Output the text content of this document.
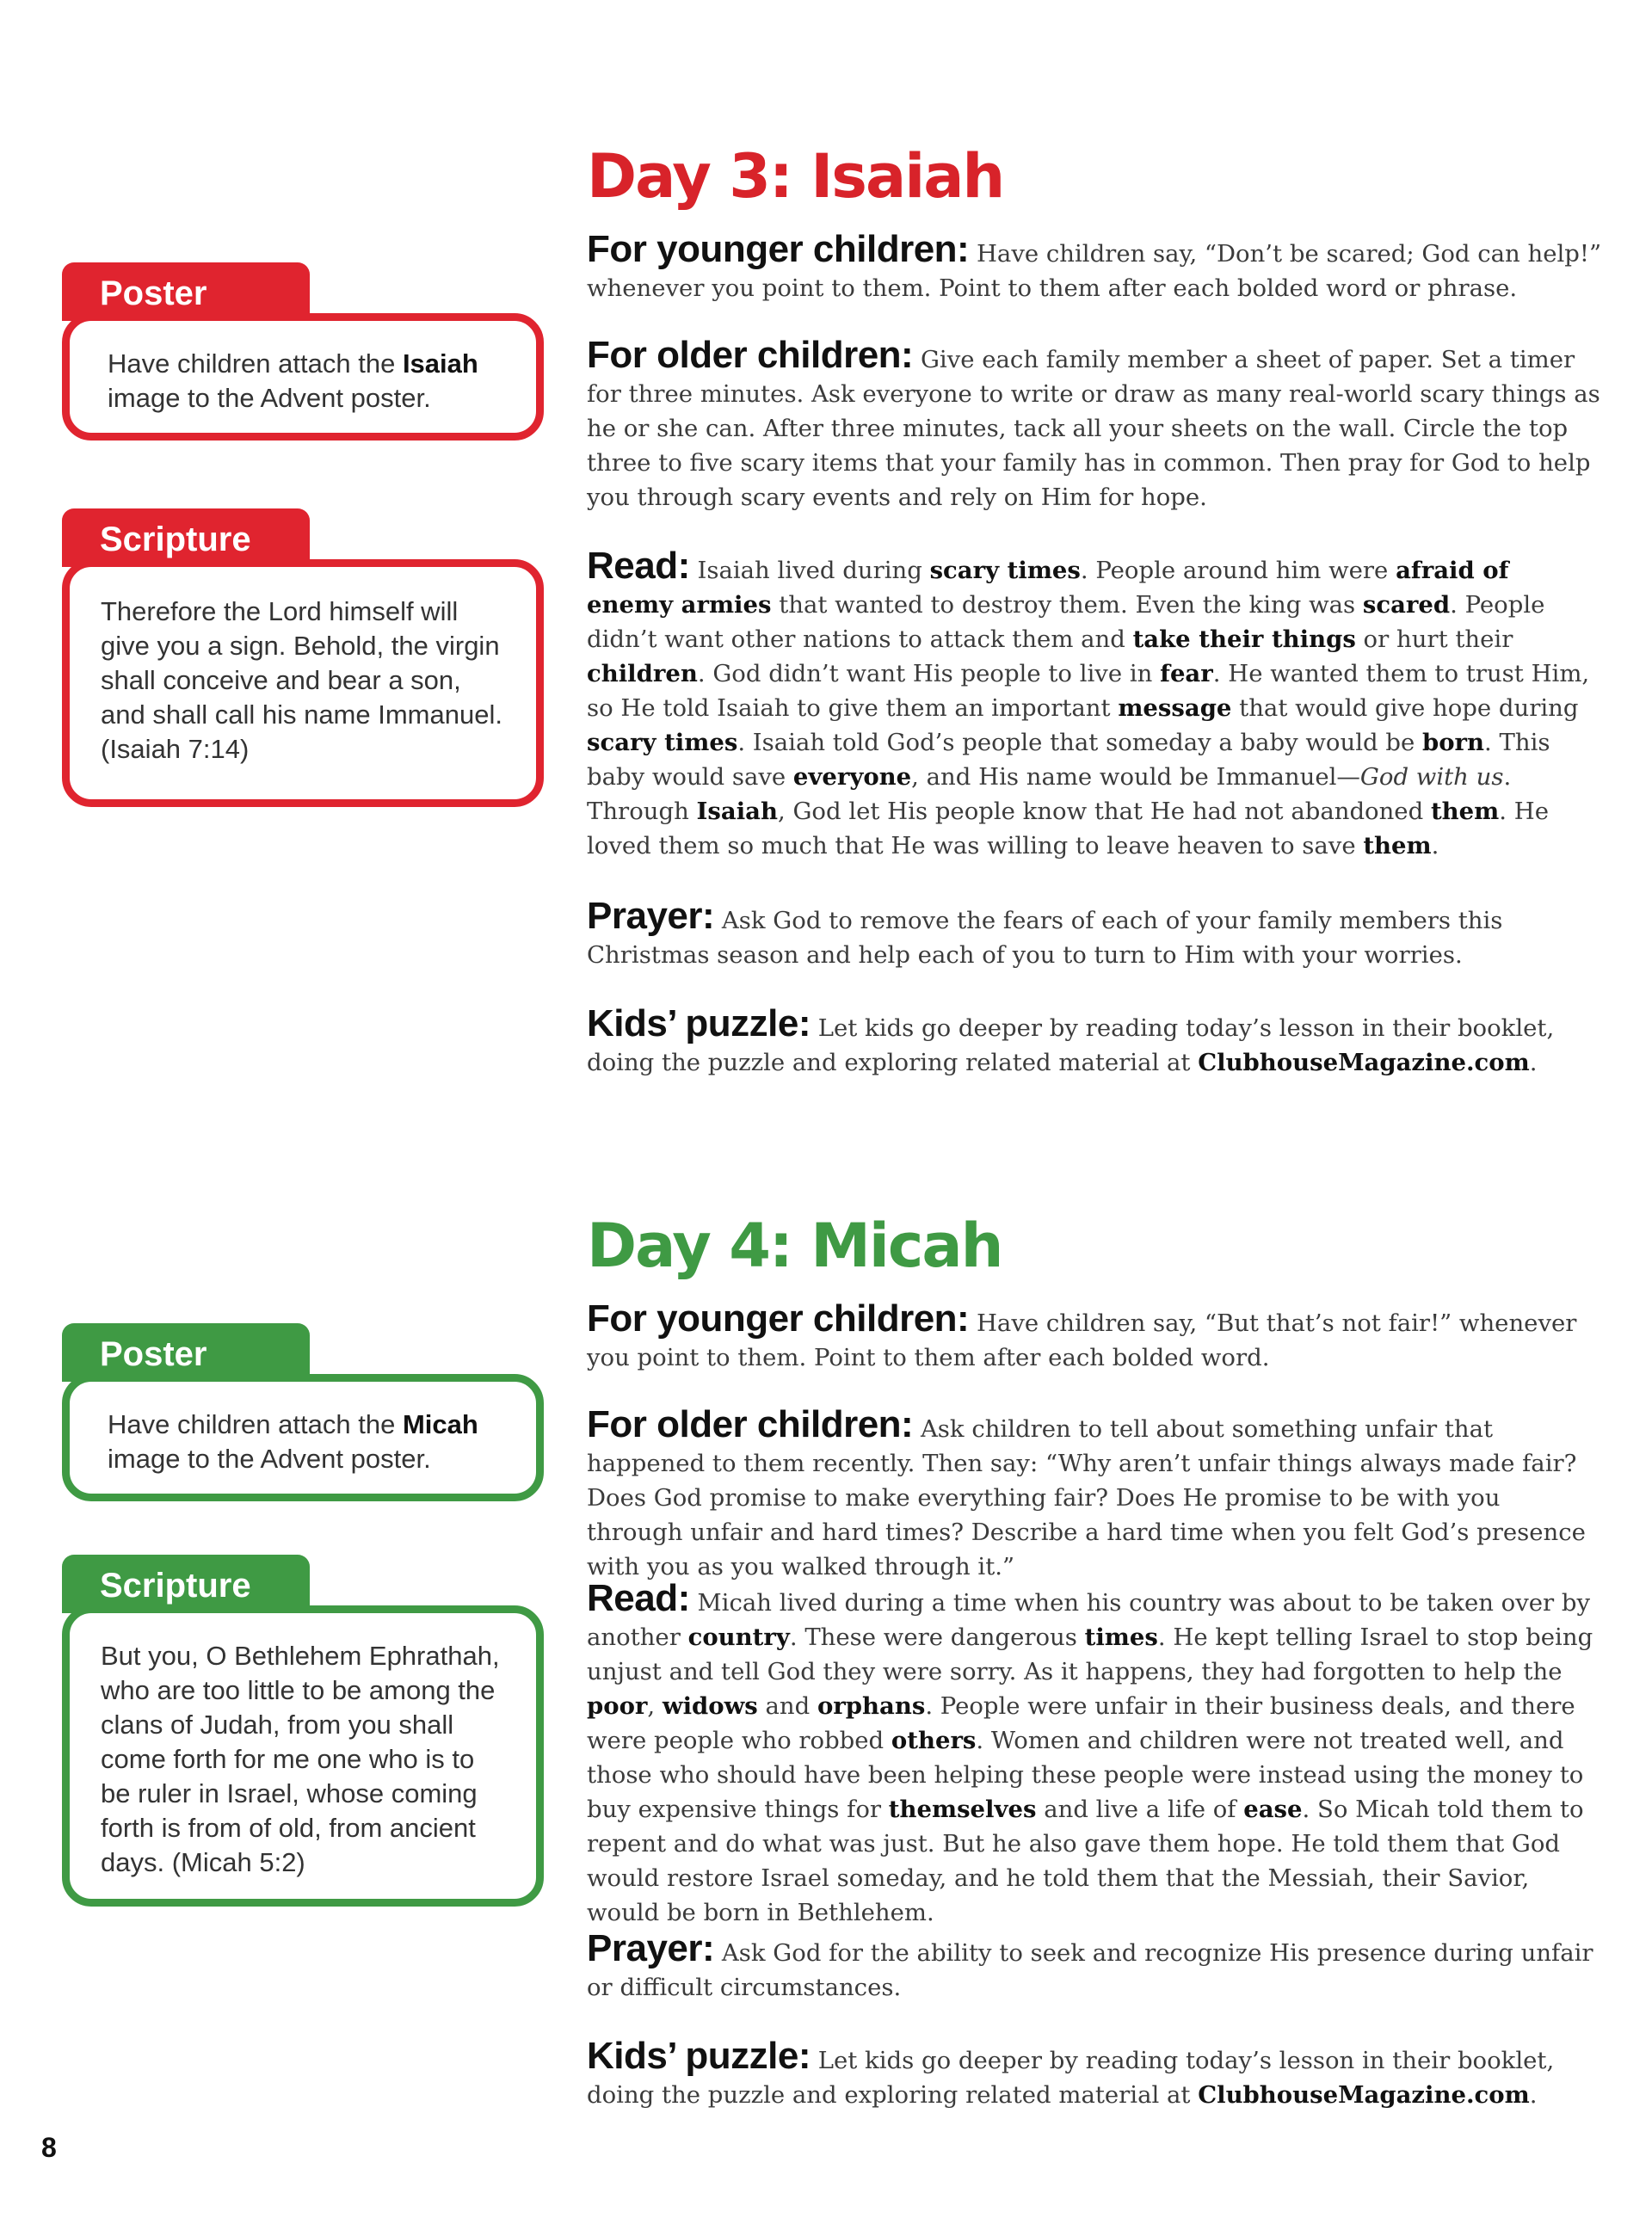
Day 3: Isaiah
Poster

Have children attach the Isaiah image to the Advent poster.

Scripture

Therefore the Lord himself will give you a sign. Behold, the virgin shall conceive and bear a son, and shall call his name Immanuel. (Isaiah 7:14)

For younger children: Have children say, “Don’t be scared; God can help!” whenever you point to them. Point to them after each bolded word or phrase.

For older children: Give each family member a sheet of paper. Set a timer for three minutes. Ask everyone to write or draw as many real-world scary things as he or she can. After three minutes, tack all your sheets on the wall. Circle the top three to five scary items that your family has in common. Then pray for God to help you through scary events and rely on Him for hope.

Read: Isaiah lived during scary times. People around him were afraid of enemy armies that wanted to destroy them. Even the king was scared. People didn’t want other nations to attack them and take their things or hurt their children. God didn’t want His people to live in fear. He wanted them to trust Him, so He told Isaiah to give them an important message that would give hope during scary times. Isaiah told God’s people that someday a baby would be born. This baby would save everyone, and His name would be Immanuel—God with us. Through Isaiah, God let His people know that He had not abandoned them. He loved them so much that He was willing to leave heaven to save them.

Prayer: Ask God to remove the fears of each of your family members this Christmas season and help each of you to turn to Him with your worries.

Kids’ puzzle: Let kids go deeper by reading today’s lesson in their booklet, doing the puzzle and exploring related material at ClubhouseMagazine.com.

Day 4: Micah
Poster

Have children attach the Micah image to the Advent poster.

Scripture

But you, O Bethlehem Ephrathah, who are too little to be among the clans of Judah, from you shall come forth for me one who is to be ruler in Israel, whose coming forth is from of old, from ancient days. (Micah 5:2)

For younger children: Have children say, “But that’s not fair!” whenever you point to them. Point to them after each bolded word.

For older children: Ask children to tell about something unfair that happened to them recently. Then say: “Why aren’t unfair things always made fair? Does God promise to make everything fair? Does He promise to be with you through unfair and hard times? Describe a hard time when you felt God’s presence with you as you walked through it.”

Read: Micah lived during a time when his country was about to be taken over by another country. These were dangerous times. He kept telling Israel to stop being unjust and tell God they were sorry. As it happens, they had forgotten to help the poor, widows and orphans. People were unfair in their business deals, and there were people who robbed others. Women and children were not treated well, and those who should have been helping these people were instead using the money to buy expensive things for themselves and live a life of ease. So Micah told them to repent and do what was just. But he also gave them hope. He told them that God would restore Israel someday, and he told them that the Messiah, their Savior, would be born in Bethlehem.

Prayer: Ask God for the ability to seek and recognize His presence during unfair or difficult circumstances.

Kids’ puzzle: Let kids go deeper by reading today’s lesson in their booklet, doing the puzzle and exploring related material at ClubhouseMagazine.com.

8
